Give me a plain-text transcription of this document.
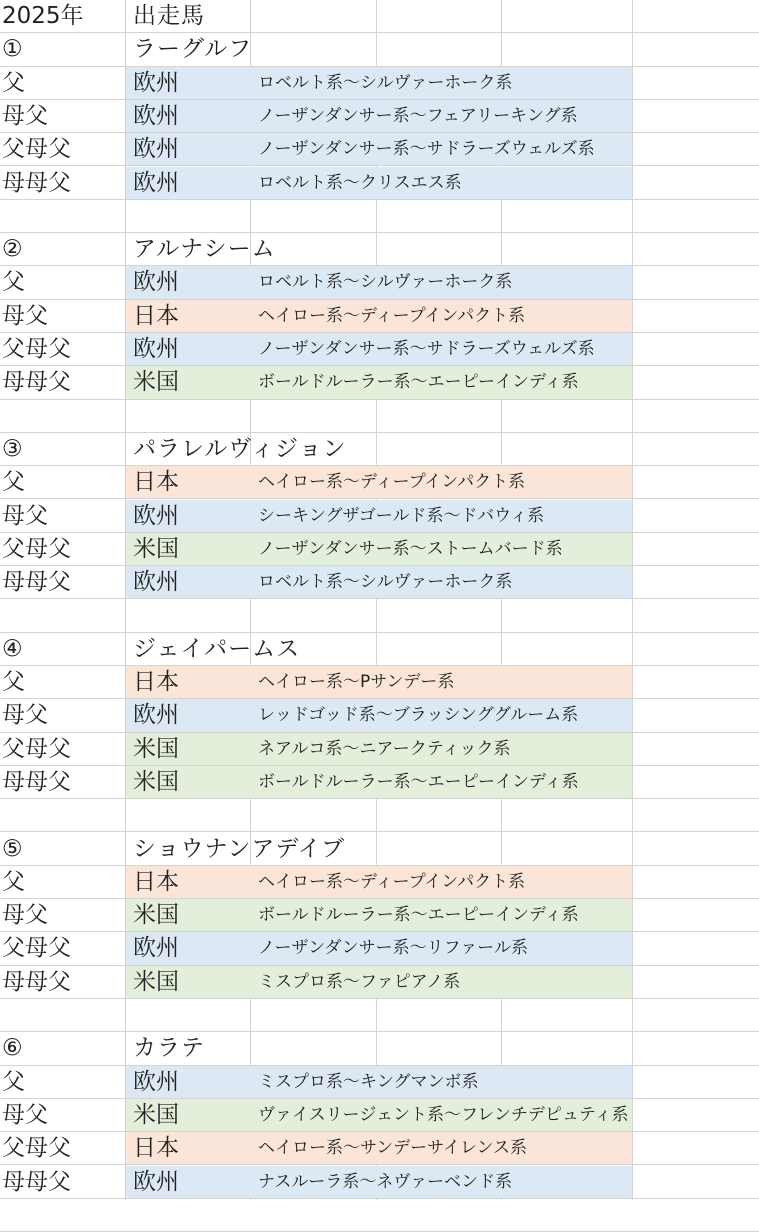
2025年	出走馬
①	ラーグルフ
父	欧州	ロベルト系〜シルヴァーホーク系
母父	欧州	ノーザンダンサー系〜フェアリーキング系
父母父	欧州	ノーザンダンサー系〜サドラーズウェルズ系
母母父	欧州	ロベルト系〜クリスエス系
②	アルナシーム
父	欧州	ロベルト系〜シルヴァーホーク系
母父	日本	ヘイロー系〜ディープインパクト系
父母父	欧州	ノーザンダンサー系〜サドラーズウェルズ系
母母父	米国	ボールドルーラー系〜エーピーインディ系
③	パラレルヴィジョン
父	日本	ヘイロー系〜ディープインパクト系
母父	欧州	シーキングザゴールド系〜ドバウィ系
父母父	米国	ノーザンダンサー系〜ストームバード系
母母父	欧州	ロベルト系〜シルヴァーホーク系
④	ジェイパームス
父	日本	ヘイロー系〜Pサンデー系
母父	欧州	レッドゴッド系〜ブラッシンググルーム系
父母父	米国	ネアルコ系〜ニアークティック系
母母父	米国	ボールドルーラー系〜エーピーインディ系
⑤	ショウナンアデイブ
父	日本	ヘイロー系〜ディープインパクト系
母父	米国	ボールドルーラー系〜エーピーインディ系
父母父	欧州	ノーザンダンサー系〜リファール系
母母父	米国	ミスプロ系〜ファピアノ系
⑥	カラテ
父	欧州	ミスプロ系〜キングマンボ系
母父	米国	ヴァイスリージェント系〜フレンチデピュティ系
父母父	日本	ヘイロー系〜サンデーサイレンス系
母母父	欧州	ナスルーラ系〜ネヴァーベンド系
